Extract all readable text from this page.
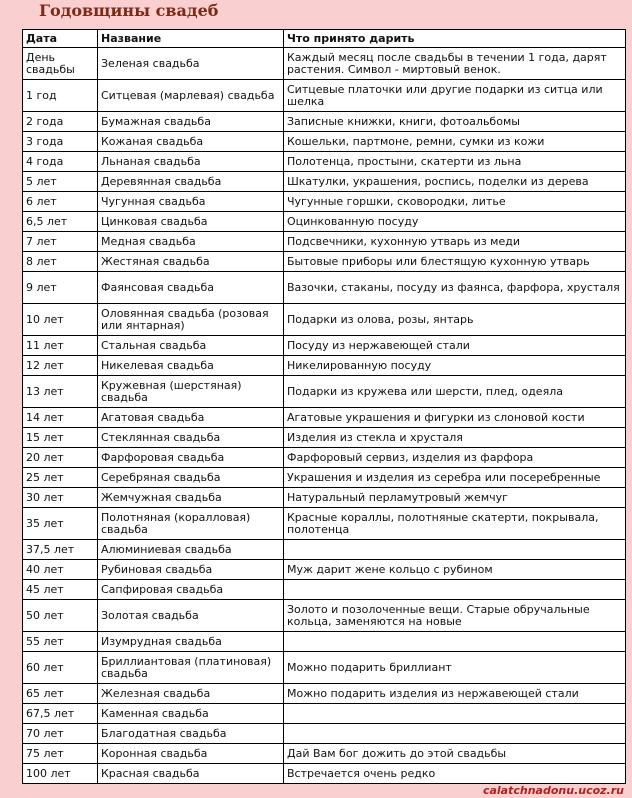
Годовщины свадеб
Дата	Название	Что принято дарить
День свадьбы	Зеленая свадьба	Каждый месяц после свадьбы в течении 1 года, дарят растения. Символ - миртовый венок.
1 год	Ситцевая (марлевая) свадьба	Ситцевые платочки или другие подарки из ситца или шелка
2 года	Бумажная свадьба	Записные книжки, книги, фотоальбомы
3 года	Кожаная свадьба	Кошельки, партмоне, ремни, сумки из кожи
4 года	Льнаная свадьба	Полотенца, простыни, скатерти из льна
5 лет	Деревянная свадьба	Шкатулки, украшения, роспись, поделки из дерева
6 лет	Чугунная свадьба	Чугунные горшки, сковородки, литье
6,5 лет	Цинковая свадьба	Оцинкованную посуду
7 лет	Медная свадьба	Подсвечники, кухонную утварь из меди
8 лет	Жестяная свадьба	Бытовые приборы или блестящую кухонную утварь
9 лет	Фаянсовая свадьба	Вазочки, стаканы, посуду из фаянса, фарфора, хрусталя
10 лет	Оловянная свадьба (розовая или янтарная)	Подарки из олова, розы, янтарь
11 лет	Стальная свадьба	Посуду из нержавеющей стали
12 лет	Никелевая свадьба	Никелированную посуду
13 лет	Кружевная (шерстяная) свадьба	Подарки из кружева или шерсти, плед, одеяла
14 лет	Агатовая свадьба	Агатовые украшения и фигурки из слоновой кости
15 лет	Стеклянная свадьба	Изделия из стекла и хрусталя
20 лет	Фарфоровая свадьба	Фарфоровый сервиз, изделия из фарфора
25 лет	Серебряная свадьба	Украшения и изделия из серебра или посеребренные
30 лет	Жемчужная свадьба	Натуральный перламутровый жемчуг
35 лет	Полотняная (коралловая) свадьба	Красные кораллы, полотняные скатерти, покрывала, полотенца
37,5 лет	Алюминиевая свадьба	
40 лет	Рубиновая свадьба	Муж дарит жене кольцо с рубином
45 лет	Сапфировая свадьба	
50 лет	Золотая свадьба	Золото и позолоченные вещи. Старые обручальные кольца, заменяются на новые
55 лет	Изумрудная свадьба	
60 лет	Бриллиантовая (платиновая) свадьба	Можно подарить бриллиант
65 лет	Железная свадьба	Можно подарить изделия из нержавеющей стали
67,5 лет	Каменная свадьба	
70 лет	Благодатная свадьба	
75 лет	Коронная свадьба	Дай Вам бог дожить до этой свадьбы
100 лет	Красная свадьба	Встречается очень редко
calatchnadonu.ucoz.ru
